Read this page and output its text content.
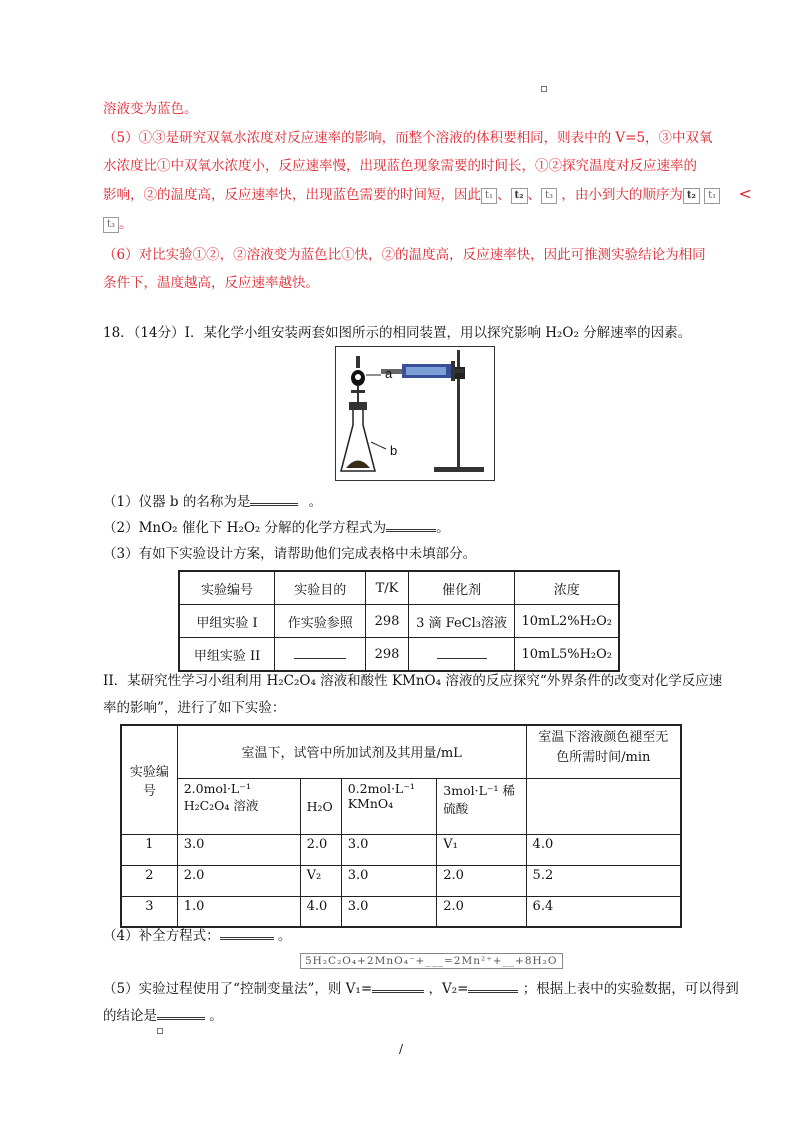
溶液变为蓝色。
（5）①③是研究双氧水浓度对反应速率的影响，而整个溶液的体积要相同，则表中的 V=5，③中双氧
水浓度比①中双氧水浓度小，反应速率慢，出现蓝色现象需要的时间长，①②探究温度对反应速率的
影响，②的温度高，反应速率快，出现蓝色需要的时间短，因此 t₁ 、 t₂ 、 t₃ ，由小到大的顺序为 t₂ t₁ <
t₃ 。
（6）对比实验①②，②溶液变为蓝色比①快，②的温度高，反应速率快，因此可推测实验结论为相同
条件下，温度越高，反应速率越快。
18．（14分）I．某化学小组安装两套如图所示的相同装置，用以探究影响 H₂O₂ 分解速率的因素。
a
b
（1）仪器 b 的名称为是	。
（2）MnO₂ 催化下 H₂O₂ 分解的化学方程式为	。
（3）有如下实验设计方案，请帮助他们完成表格中未填部分。
实验编号	实验目的	T/K	催化剂	浓度
甲组实验 I	作实验参照	298	3 滴 FeCl₃溶液	10mL2%H₂O₂
甲组实验 II		298		10mL5%H₂O₂
II．某研究性学习小组利用 H₂C₂O₄ 溶液和酸性 KMnO₄ 溶液的反应探究“外界条件的改变对化学反应速
率的影响”，进行了如下实验：
实验编号	室温下，试管中所加试剂及其用量/mL				室温下溶液颜色褪至无色所需时间/min
	2.0mol·L⁻¹ H₂C₂O₄ 溶液	H₂O	0.2mol·L⁻¹ KMnO₄	3mol·L⁻¹ 稀硫酸	
1	3.0	2.0	3.0	V₁	4.0
2	2.0	V₂	3.0	2.0	5.2
3	1.0	4.0	3.0	2.0	6.4
（4）补全方程式：	。
5H₂C₂O₄+2MnO₄⁻+___=2Mn²⁺+__+8H₂O
（5）实验过程使用了“控制变量法”，则 V₁=	，V₂=	；根据上表中的实验数据，可以得到
的结论是	。
/
